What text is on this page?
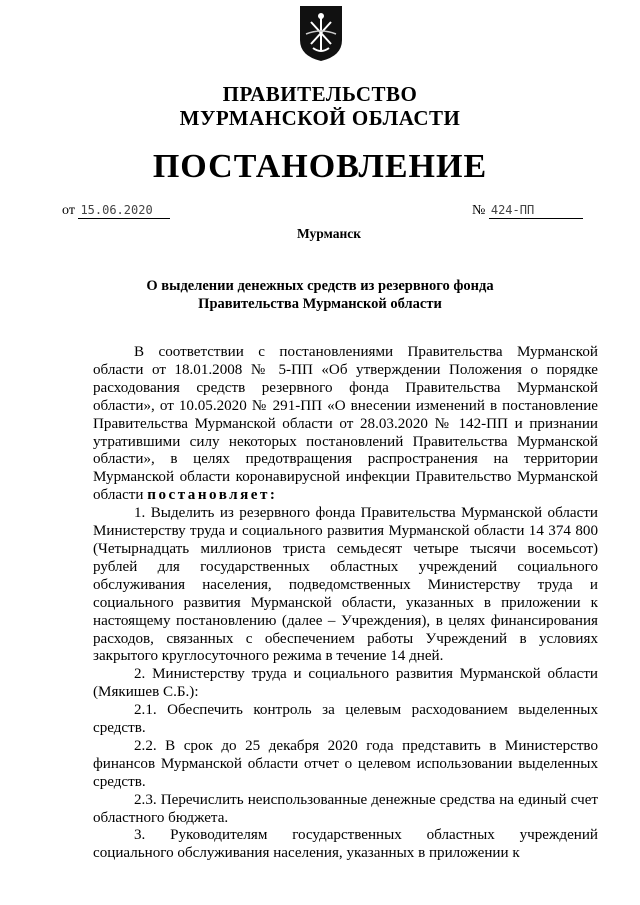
ПРАВИТЕЛЬСТВО
МУРМАНСКОЙ ОБЛАСТИ
ПОСТАНОВЛЕНИЕ
от 15.06.2020	№ 424-ПП
Мурманск
О выделении денежных средств из резервного фонда
Правительства Мурманской области

В соответствии с постановлениями Правительства Мурманской области от 18.01.2008 № 5-ПП «Об утверждении Положения о порядке расходования средств резервного фонда Правительства Мурманской области», от 10.05.2020 № 291-ПП «О внесении изменений в постановление Правительства Мурманской области от 28.03.2020 № 142-ПП и признании утратившими силу некоторых постановлений Правительства Мурманской области», в целях предотвращения распространения на территории Мурманской области коронавирусной инфекции Правительство Мурманской области постановляет:

1. Выделить из резервного фонда Правительства Мурманской области Министерству труда и социального развития Мурманской области 14 374 800 (Четырнадцать миллионов триста семьдесят четыре тысячи восемьсот) рублей для государственных областных учреждений социального обслуживания населения, подведомственных Министерству труда и социального развития Мурманской области, указанных в приложении к настоящему постановлению (далее – Учреждения), в целях финансирования расходов, связанных с обеспечением работы Учреждений в условиях закрытого круглосуточного режима в течение 14 дней.

2. Министерству труда и социального развития Мурманской области (Мякишев С.Б.):

2.1. Обеспечить контроль за целевым расходованием выделенных средств.

2.2. В срок до 25 декабря 2020 года представить в Министерство финансов Мурманской области отчет о целевом использовании выделенных средств.

2.3. Перечислить неиспользованные денежные средства на единый счет областного бюджета.

3. Руководителям государственных областных учреждений социального обслуживания населения, указанных в приложении к
